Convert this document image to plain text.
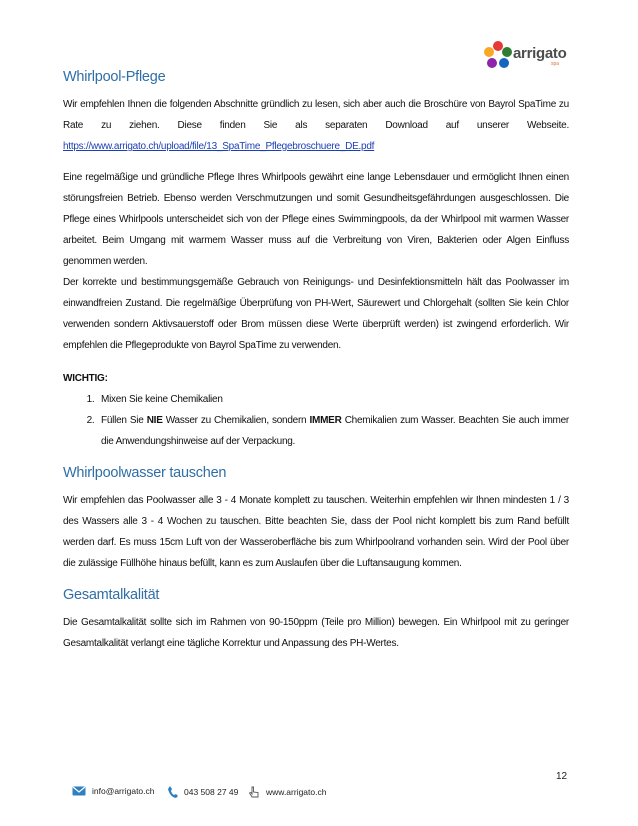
arrigato
spa
Whirlpool-Pflege

Wir empfehlen Ihnen die folgenden Abschnitte gründlich zu lesen, sich aber auch die Broschüre von Bayrol SpaTime zu Rate zu ziehen. Diese finden Sie als separaten Download auf unserer Webseite. https://www.arrigato.ch/upload/file/13_SpaTime_Pflegebroschuere_DE.pdf

Eine regelmäßige und gründliche Pflege Ihres Whirlpools gewährt eine lange Lebensdauer und ermöglicht Ihnen einen störungsfreien Betrieb. Ebenso werden Verschmutzungen und somit Gesundheitsgefährdungen ausgeschlossen. Die Pflege eines Whirlpools unterscheidet sich von der Pflege eines Swimmingpools, da der Whirlpool mit warmen Wasser arbeitet. Beim Umgang mit warmem Wasser muss auf die Verbreitung von Viren, Bakterien oder Algen Einfluss genommen werden.

Der korrekte und bestimmungsgemäße Gebrauch von Reinigungs- und Desinfektionsmitteln hält das Poolwasser im einwandfreien Zustand. Die regelmäßige Überprüfung von PH-Wert, Säurewert und Chlorgehalt (sollten Sie kein Chlor verwenden sondern Aktivsauerstoff oder Brom müssen diese Werte überprüft werden) ist zwingend erforderlich. Wir empfehlen die Pflegeprodukte von Bayrol SpaTime zu verwenden.

WICHTIG:
1. Mixen Sie keine Chemikalien
2. Füllen Sie NIE Wasser zu Chemikalien, sondern IMMER Chemikalien zum Wasser. Beachten Sie auch immer die Anwendungshinweise auf der Verpackung.
Whirlpoolwasser tauschen

Wir empfehlen das Poolwasser alle 3 - 4 Monate komplett zu tauschen. Weiterhin empfehlen wir Ihnen mindesten 1 / 3 des Wassers alle 3 - 4 Wochen zu tauschen. Bitte beachten Sie, dass der Pool nicht komplett bis zum Rand befüllt werden darf. Es muss 15cm Luft von der Wasseroberfläche bis zum Whirlpoolrand vorhanden sein. Wird der Pool über die zulässige Füllhöhe hinaus befüllt, kann es zum Auslaufen über die Luftansaugung kommen.

Gesamtalkalität

Die Gesamtalkalität sollte sich im Rahmen von 90-150ppm (Teile pro Million) bewegen. Ein Whirlpool mit zu geringer Gesamtalkalität verlangt eine tägliche Korrektur und Anpassung des PH-Wertes.

info@arrigato.ch	043 508 27 49	www.arrigato.ch
12
